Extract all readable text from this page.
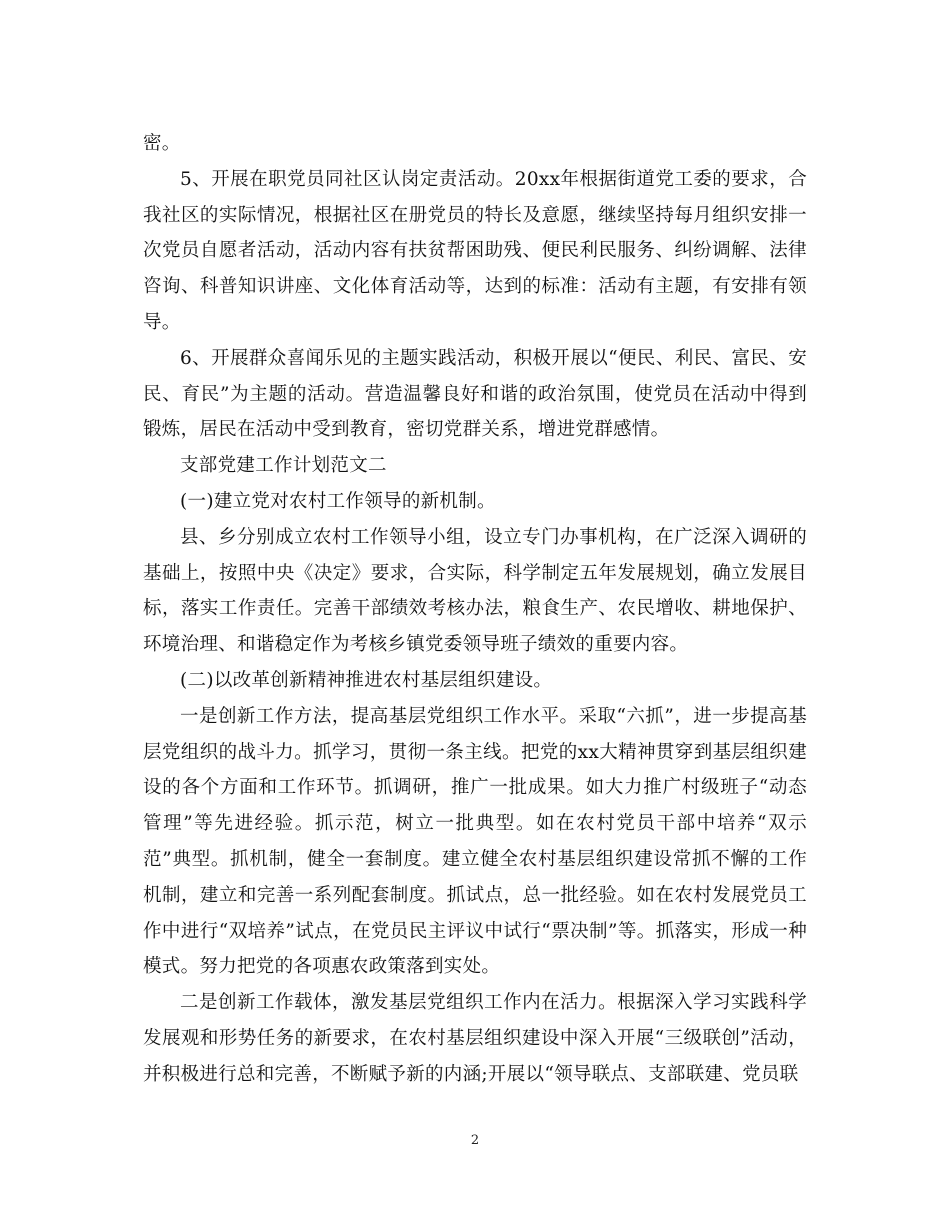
密。

5、开展在职党员同社区认岗定责活动。20xx年根据街道党工委的要求，合我社区的实际情况，根据社区在册党员的特长及意愿，继续坚持每月组织安排一次党员自愿者活动，活动内容有扶贫帮困助残、便民利民服务、纠纷调解、法律咨询、科普知识讲座、文化体育活动等，达到的标准：活动有主题，有安排有领导。

6、开展群众喜闻乐见的主题实践活动，积极开展以“便民、利民、富民、安民、育民”为主题的活动。营造温馨良好和谐的政治氛围，使党员在活动中得到锻炼，居民在活动中受到教育，密切党群关系，增进党群感情。

支部党建工作计划范文二

(一)建立党对农村工作领导的新机制。

县、乡分别成立农村工作领导小组，设立专门办事机构，在广泛深入调研的基础上，按照中央《决定》要求，合实际，科学制定五年发展规划，确立发展目标，落实工作责任。完善干部绩效考核办法，粮食生产、农民增收、耕地保护、环境治理、和谐稳定作为考核乡镇党委领导班子绩效的重要内容。

(二)以改革创新精神推进农村基层组织建设。

一是创新工作方法，提高基层党组织工作水平。采取“六抓”，进一步提高基层党组织的战斗力。抓学习，贯彻一条主线。把党的xx大精神贯穿到基层组织建设的各个方面和工作环节。抓调研，推广一批成果。如大力推广村级班子“动态管理”等先进经验。抓示范，树立一批典型。如在农村党员干部中培养“双示范”典型。抓机制，健全一套制度。建立健全农村基层组织建设常抓不懈的工作机制，建立和完善一系列配套制度。抓试点，总一批经验。如在农村发展党员工作中进行“双培养”试点，在党员民主评议中试行“票决制”等。抓落实，形成一种模式。努力把党的各项惠农政策落到实处。

二是创新工作载体，激发基层党组织工作内在活力。根据深入学习实践科学发展观和形势任务的新要求，在农村基层组织建设中深入开展“三级联创”活动，并积极进行总和完善，不断赋予新的内涵;开展以“领导联点、支部联建、党员联

2
